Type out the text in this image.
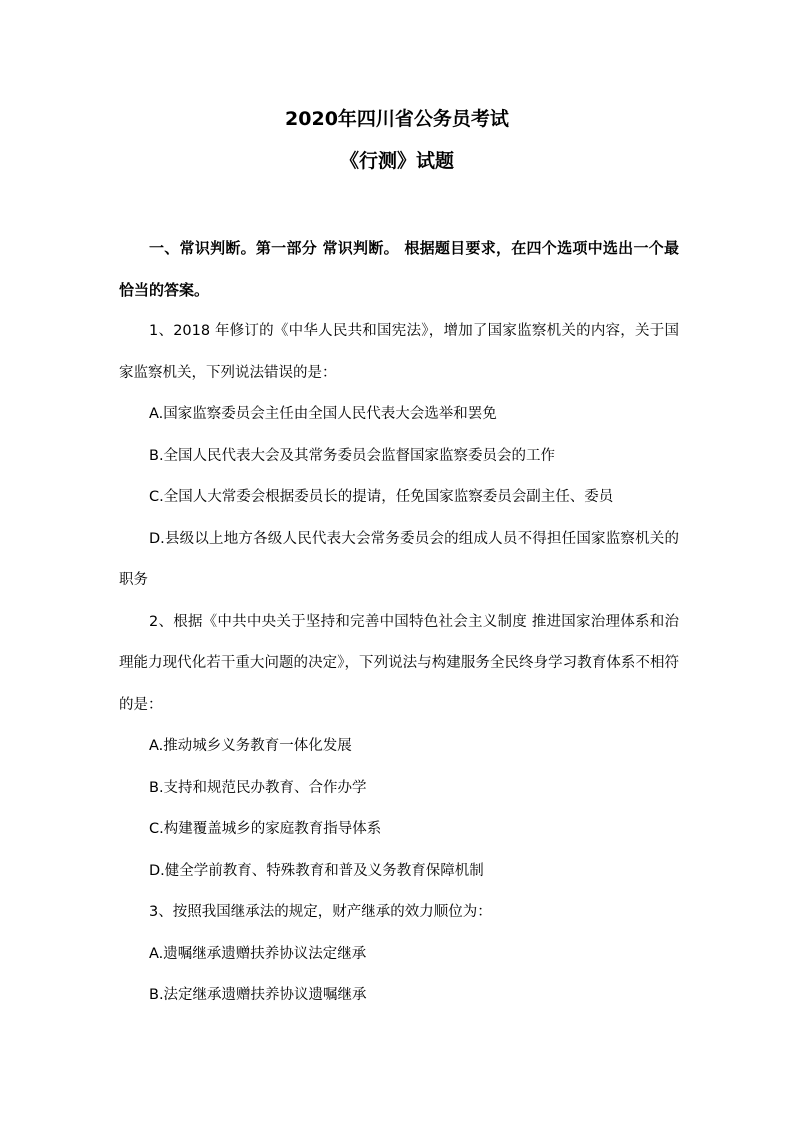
2020年四川省公务员考试
《行测》试题

一、常识判断。第一部分 常识判断。 根据题目要求，在四个选项中选出一个最恰当的答案。

1、2018 年修订的《中华人民共和国宪法》，增加了国家监察机关的内容，关于国家监察机关，下列说法错误的是：

A.国家监察委员会主任由全国人民代表大会选举和罢免

B.全国人民代表大会及其常务委员会监督国家监察委员会的工作

C.全国人大常委会根据委员长的提请，任免国家监察委员会副主任、委员

D.县级以上地方各级人民代表大会常务委员会的组成人员不得担任国家监察机关的职务

2、根据《中共中央关于坚持和完善中国特色社会主义制度 推进国家治理体系和治理能力现代化若干重大问题的决定》，下列说法与构建服务全民终身学习教育体系不相符的是：

A.推动城乡义务教育一体化发展

B.支持和规范民办教育、合作办学

C.构建覆盖城乡的家庭教育指导体系

D.健全学前教育、特殊教育和普及义务教育保障机制

3、按照我国继承法的规定，财产继承的效力顺位为：

A.遗嘱继承遗赠扶养协议法定继承

B.法定继承遗赠扶养协议遗嘱继承
